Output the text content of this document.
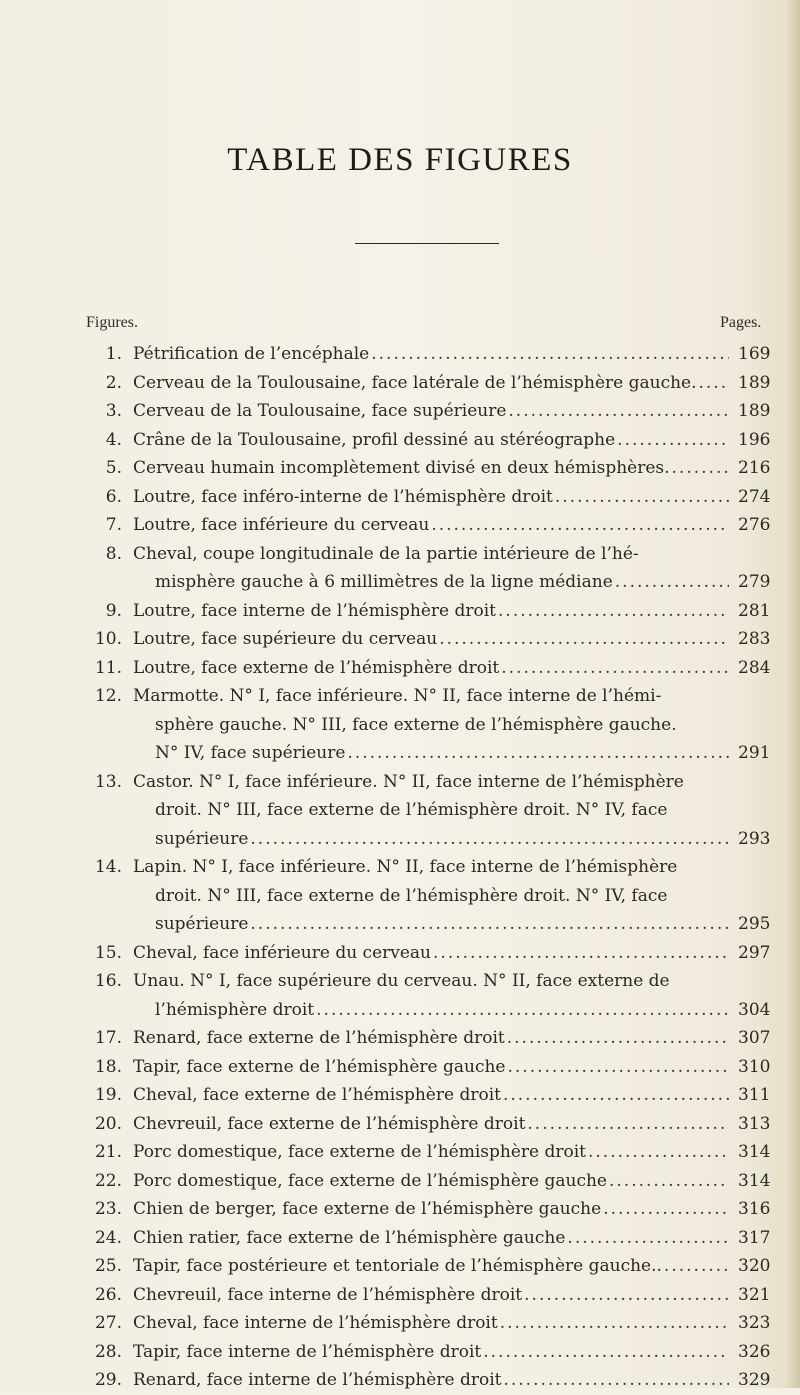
TABLE DES FIGURES
Figures.	Pages.
1. Pétrification de l’encéphale .....	169
2. Cerveau de la Toulousaine, face latérale de l’hémisphère gauche. ..... 189
3. Cerveau de la Toulousaine, face supérieure .....	189
4. Crâne de la Toulousaine, profil dessiné au stéréographe .....	196
5. Cerveau humain incomplètement divisé en deux hémisphères. .....	216
6. Loutre, face inféro-interne de l’hémisphère droit .....	274
7. Loutre, face inférieure du cerveau .....	276
8. Cheval, coupe longitudinale de la partie intérieure de l’hé-
misphère gauche à 6 millimètres de la ligne médiane .....	279
9. Loutre, face interne de l’hémisphère droit .....	281
10. Loutre, face supérieure du cerveau .....	283
11. Loutre, face externe de l’hémisphère droit .....	284
12. Marmotte. N° I, face inférieure. N° II, face interne de l’hémi-
sphère gauche. N° III, face externe de l’hémisphère gauche.
N° IV, face supérieure .....	291
13. Castor. N° I, face inférieure. N° II, face interne de l’hémisphère
droit. N° III, face externe de l’hémisphère droit. N° IV, face
supérieure .....	293
14. Lapin. N° I, face inférieure. N° II, face interne de l’hémisphère
droit. N° III, face externe de l’hémisphère droit. N° IV, face
supérieure .....	295
15. Cheval, face inférieure du cerveau .....	297
16. Unau. N° I, face supérieure du cerveau. N° II, face externe de
l’hémisphère droit .....	304
17. Renard, face externe de l’hémisphère droit .....	307
18. Tapir, face externe de l’hémisphère gauche .....	310
19. Cheval, face externe de l’hémisphère droit .....	311
20. Chevreuil, face externe de l’hémisphère droit .....	313
21. Porc domestique, face externe de l’hémisphère droit .....	314
22. Porc domestique, face externe de l’hémisphère gauche .....	314
23. Chien de berger, face externe de l’hémisphère gauche .....	316
24. Chien ratier, face externe de l’hémisphère gauche .....	317
25. Tapir, face postérieure et tentoriale de l’hémisphère gauche.. .....	320
26. Chevreuil, face interne de l’hémisphère droit .....	321
27. Cheval, face interne de l’hémisphère droit .....	323
28. Tapir, face interne de l’hémisphère droit .....	326
29. Renard, face interne de l’hémisphère droit .....	329
